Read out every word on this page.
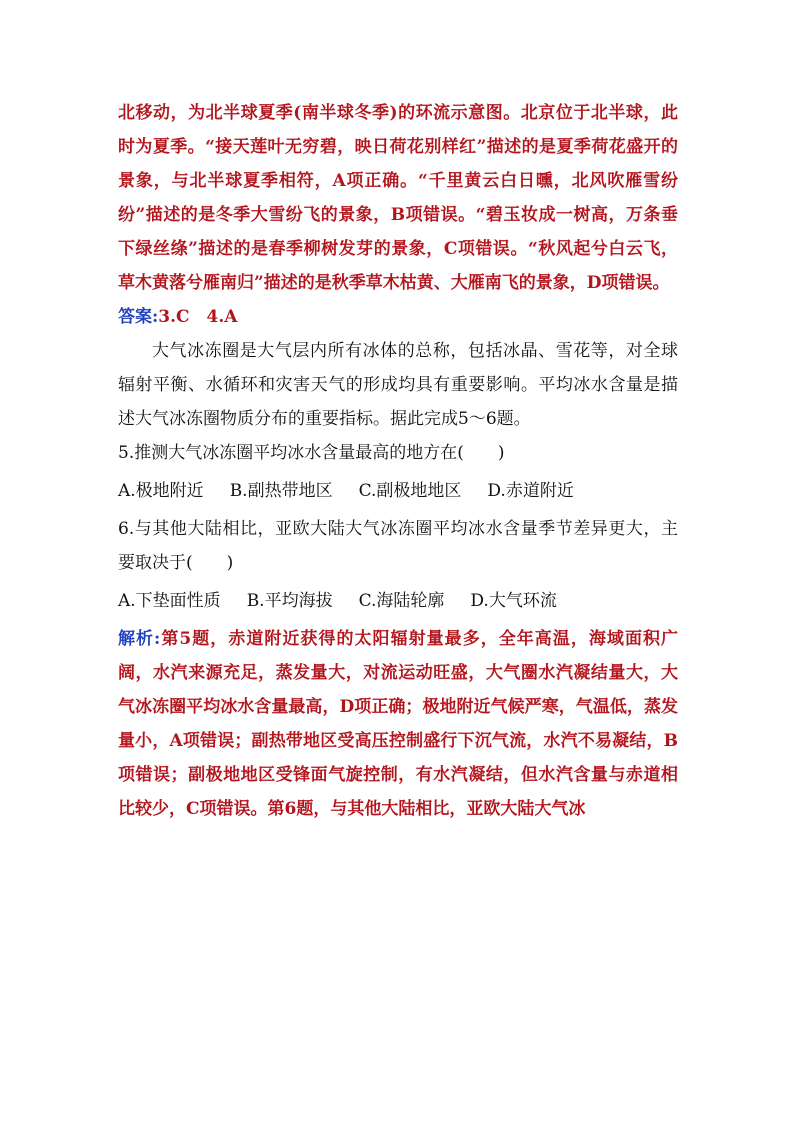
北移动，为北半球夏季(南半球冬季)的环流示意图。北京位于北半球，此时为夏季。“接天莲叶无穷碧，映日荷花别样红”描述的是夏季荷花盛开的景象，与北半球夏季相符，A项正确。“千里黄云白日曛，北风吹雁雪纷纷”描述的是冬季大雪纷飞的景象，B项错误。“碧玉妆成一树高，万条垂下绿丝绦”描述的是春季柳树发芽的景象，C项错误。“秋风起兮白云飞，草木黄落兮雁南归”描述的是秋季草木枯黄、大雁南飞的景象，D项错误。

答案:3.C　4.A

大气冰冻圈是大气层内所有冰体的总称，包括冰晶、雪花等，对全球辐射平衡、水循环和灾害天气的形成均具有重要影响。平均冰水含量是描述大气冰冻圈物质分布的重要指标。据此完成5～6题。

5.推测大气冰冻圈平均冰水含量最高的地方在(　　)

A.极地附近 B.副热带地区 C.副极地地区 D.赤道附近

6.与其他大陆相比，亚欧大陆大气冰冻圈平均冰水含量季节差异更大，主要取决于(　　)

A.下垫面性质 B.平均海拔 C.海陆轮廓 D.大气环流

解析:第5题，赤道附近获得的太阳辐射量最多，全年高温，海域面积广阔，水汽来源充足，蒸发量大，对流运动旺盛，大气圈水汽凝结量大，大气冰冻圈平均冰水含量最高，D项正确；极地附近气候严寒，气温低，蒸发量小，A项错误；副热带地区受高压控制盛行下沉气流，水汽不易凝结，B项错误；副极地地区受锋面气旋控制，有水汽凝结，但水汽含量与赤道相比较少，C项错误。第6题，与其他大陆相比，亚欧大陆大气冰
